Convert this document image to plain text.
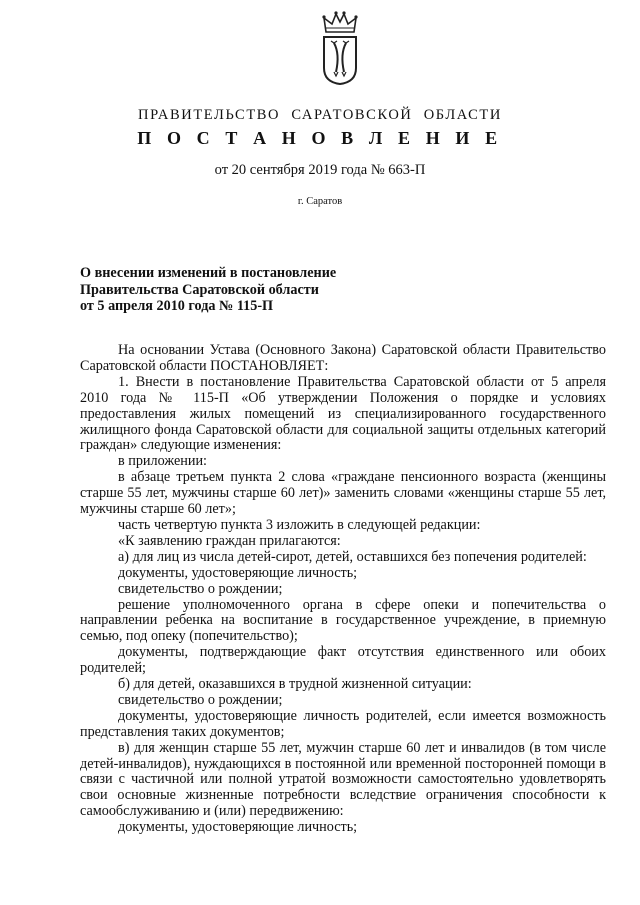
ПРАВИТЕЛЬСТВО САРАТОВСКОЙ ОБЛАСТИ
П О С Т А Н О В Л Е Н И Е
от 20 сентября 2019 года № 663-П
г. Саратов
О внесении изменений в постановление
Правительства Саратовской области
от 5 апреля 2010 года № 115-П

На основании Устава (Основного Закона) Саратовской области Правительство Саратовской области ПОСТАНОВЛЯЕТ:

1. Внести в постановление Правительства Саратовской области от 5 апреля 2010 года № 115-П «Об утверждении Положения о порядке и условиях предоставления жилых помещений из специализированного государственного жилищного фонда Саратовской области для социальной защиты отдельных категорий граждан» следующие изменения:

в приложении:

в абзаце третьем пункта 2 слова «граждане пенсионного возраста (женщины старше 55 лет, мужчины старше 60 лет)» заменить словами «женщины старше 55 лет, мужчины старше 60 лет»;

часть четвертую пункта 3 изложить в следующей редакции:

«К заявлению граждан прилагаются:

а) для лиц из числа детей-сирот, детей, оставшихся без попечения родителей:

документы, удостоверяющие личность;

свидетельство о рождении;

решение уполномоченного органа в сфере опеки и попечительства о направлении ребенка на воспитание в государственное учреждение, в приемную семью, под опеку (попечительство);

документы, подтверждающие факт отсутствия единственного или обоих родителей;

б) для детей, оказавшихся в трудной жизненной ситуации:

свидетельство о рождении;

документы, удостоверяющие личность родителей, если имеется возможность представления таких документов;

в) для женщин старше 55 лет, мужчин старше 60 лет и инвалидов (в том числе детей-инвалидов), нуждающихся в постоянной или временной посторонней помощи в связи с частичной или полной утратой возможности самостоятельно удовлетворять свои основные жизненные потребности вследствие ограничения способности к самообслуживанию и (или) передвижению:

документы, удостоверяющие личность;
